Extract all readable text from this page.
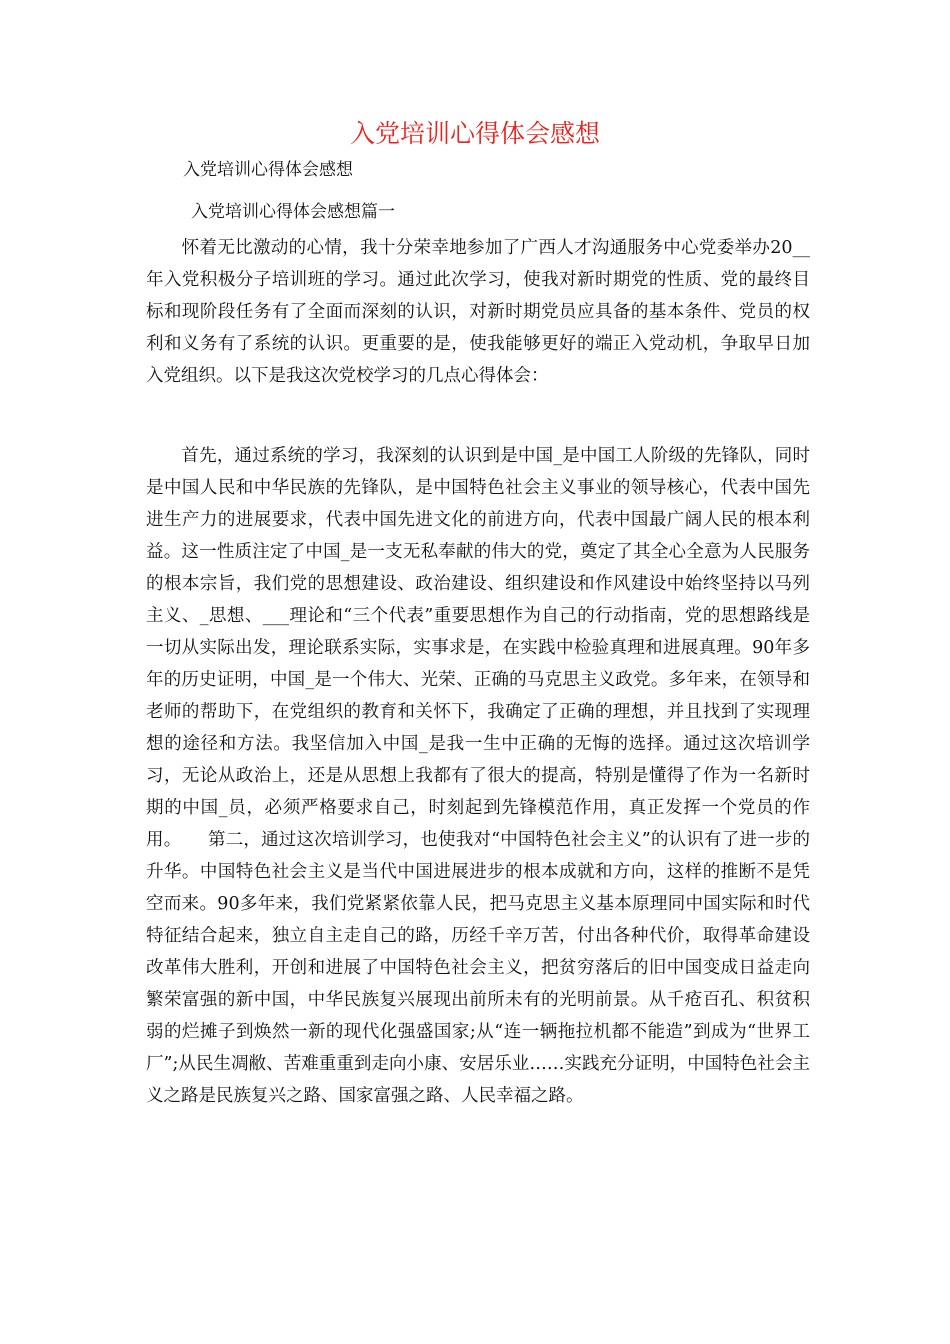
入党培训心得体会感想

入党培训心得体会感想

入党培训心得体会感想篇一

　　怀着无比激动的心情，我十分荣幸地参加了广西人才沟通服务中心党委举办20__年入党积极分子培训班的学习。通过此次学习，使我对新时期党的性质、党的最终目标和现阶段任务有了全面而深刻的认识，对新时期党员应具备的基本条件、党员的权利和义务有了系统的认识。更重要的是，使我能够更好的端正入党动机，争取早日加入党组织。以下是我这次党校学习的几点心得体会：

　　首先，通过系统的学习，我深刻的认识到是中国_是中国工人阶级的先锋队，同时是中国人民和中华民族的先锋队，是中国特色社会主义事业的领导核心，代表中国先进生产力的进展要求，代表中国先进文化的前进方向，代表中国最广阔人民的根本利益。这一性质注定了中国_是一支无私奉献的伟大的党，奠定了其全心全意为人民服务的根本宗旨，我们党的思想建设、政治建设、组织建设和作风建设中始终坚持以马列主义、_思想、___理论和“三个代表”重要思想作为自己的行动指南，党的思想路线是一切从实际出发，理论联系实际，实事求是，在实践中检验真理和进展真理。90年多年的历史证明，中国_是一个伟大、光荣、正确的马克思主义政党。多年来，在领导和老师的帮助下，在党组织的教育和关怀下，我确定了正确的理想，并且找到了实现理想的途径和方法。我坚信加入中国_是我一生中正确的无悔的选择。通过这次培训学习，无论从政治上，还是从思想上我都有了很大的提高，特别是懂得了作为一名新时期的中国_员，必须严格要求自己，时刻起到先锋模范作用，真正发挥一个党员的作用。　　第二，通过这次培训学习，也使我对“中国特色社会主义”的认识有了进一步的升华。中国特色社会主义是当代中国进展进步的根本成就和方向，这样的推断不是凭空而来。90多年来，我们党紧紧依靠人民，把马克思主义基本原理同中国实际和时代特征结合起来，独立自主走自己的路，历经千辛万苦，付出各种代价，取得革命建设改革伟大胜利，开创和进展了中国特色社会主义，把贫穷落后的旧中国变成日益走向繁荣富强的新中国，中华民族复兴展现出前所未有的光明前景。从千疮百孔、积贫积弱的烂摊子到焕然一新的现代化强盛国家;从“连一辆拖拉机都不能造”到成为“世界工厂”;从民生凋敝、苦难重重到走向小康、安居乐业……实践充分证明，中国特色社会主义之路是民族复兴之路、国家富强之路、人民幸福之路。
